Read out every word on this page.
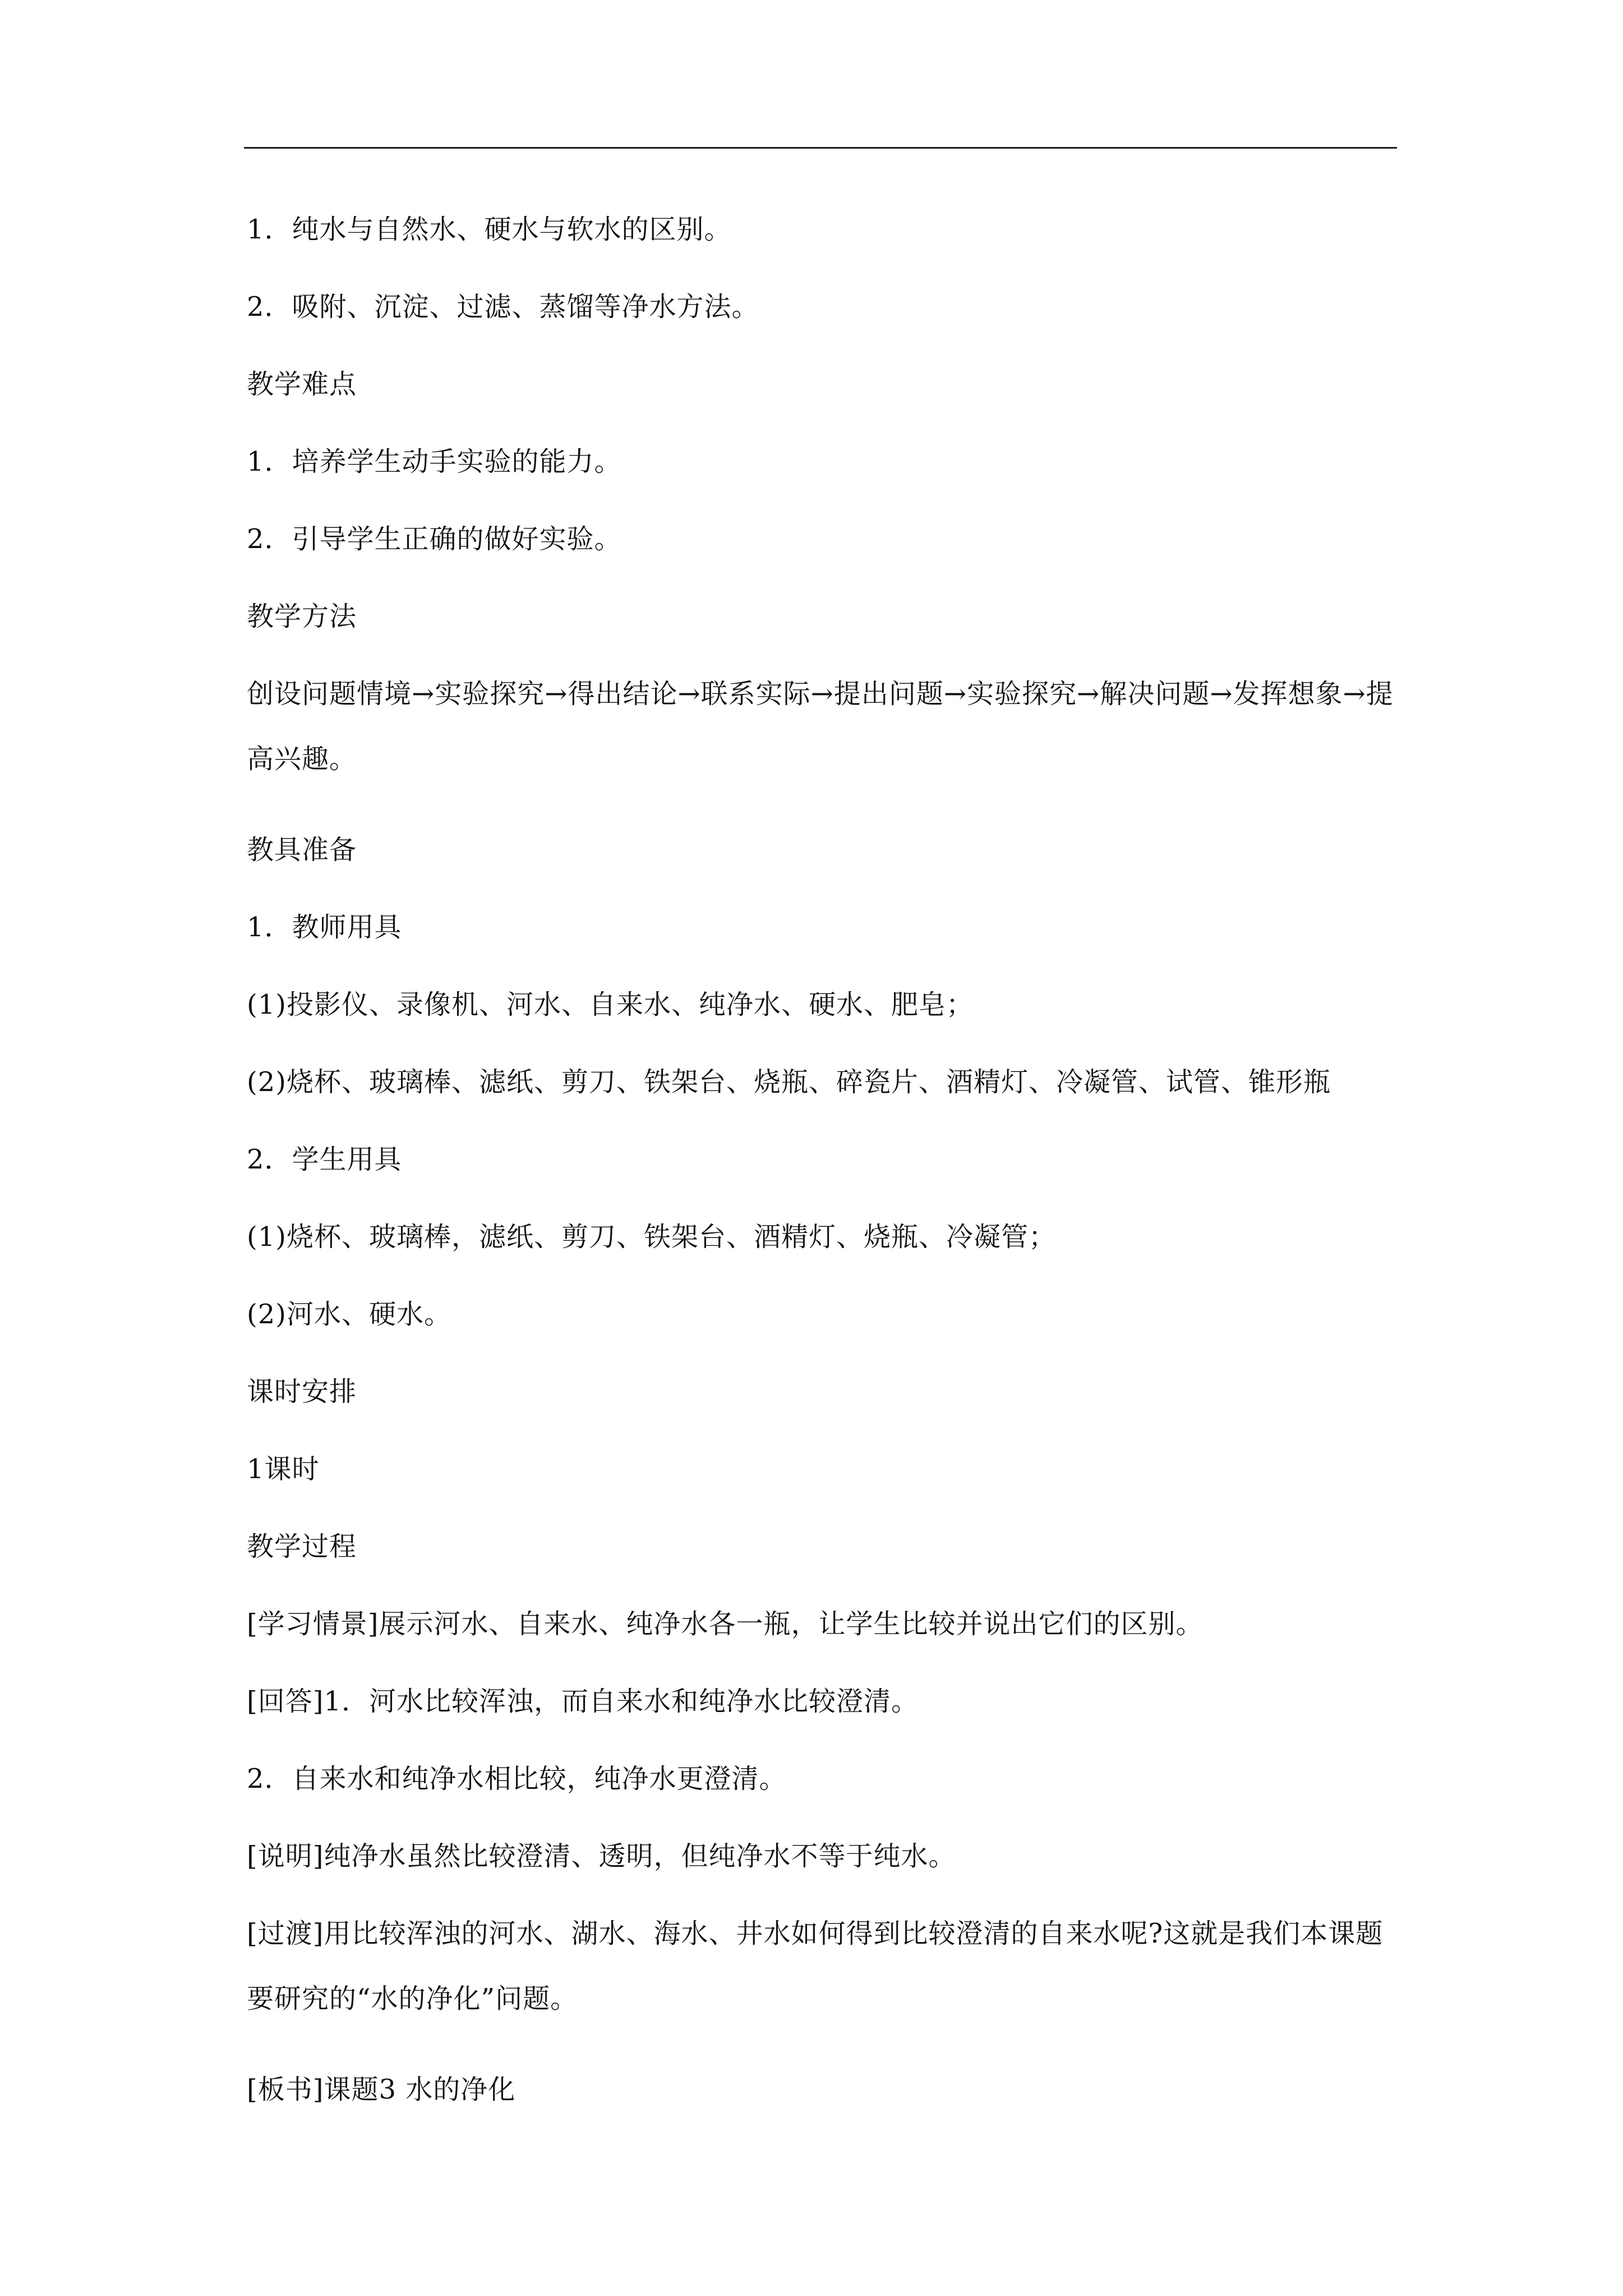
1．纯水与自然水、硬水与软水的区别。

2．吸附、沉淀、过滤、蒸馏等净水方法。

教学难点

1．培养学生动手实验的能力。

2．引导学生正确的做好实验。

教学方法

创设问题情境→实验探究→得出结论→联系实际→提出问题→实验探究→解决问题→发挥想象→提高兴趣。

教具准备

1．教师用具

(1)投影仪、录像机、河水、自来水、纯净水、硬水、肥皂；

(2)烧杯、玻璃棒、滤纸、剪刀、铁架台、烧瓶、碎瓷片、酒精灯、冷凝管、试管、锥形瓶

2．学生用具

(1)烧杯、玻璃棒，滤纸、剪刀、铁架台、酒精灯、烧瓶、冷凝管；

(2)河水、硬水。

课时安排

1课时

教学过程

[学习情景]展示河水、自来水、纯净水各一瓶，让学生比较并说出它们的区别。

[回答]1．河水比较浑浊，而自来水和纯净水比较澄清。

2．自来水和纯净水相比较，纯净水更澄清。

[说明]纯净水虽然比较澄清、透明，但纯净水不等于纯水。

[过渡]用比较浑浊的河水、湖水、海水、井水如何得到比较澄清的自来水呢?这就是我们本课题要研究的“水的净化”问题。

[板书]课题3 水的净化
